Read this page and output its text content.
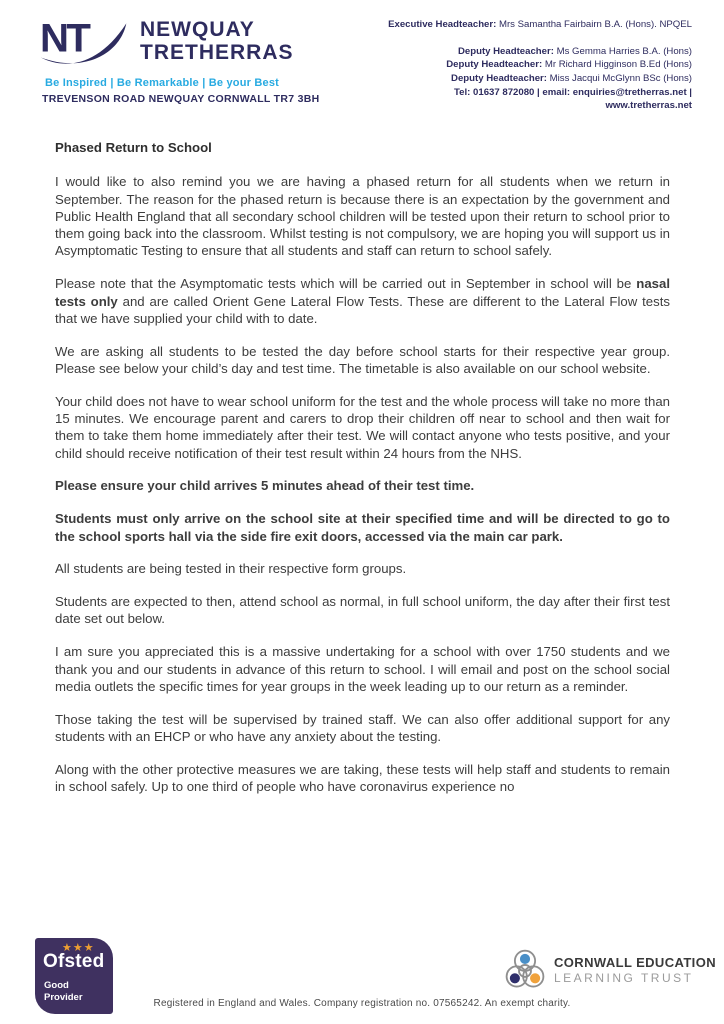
NT NEWQUAY
TRETHERRAS
Be Inspired | Be Remarkable | Be your Best
TREVENSON ROAD NEWQUAY CORNWALL TR7 3BH
Executive Headteacher: Mrs Samantha Fairbairn B.A. (Hons). NPQEL
Deputy Headteacher: Ms Gemma Harries B.A. (Hons)
Deputy Headteacher: Mr Richard Higginson B.Ed (Hons)
Deputy Headteacher: Miss Jacqui McGlynn BSc (Hons)
Tel: 01637 872080 | email: enquiries@tretherras.net | www.tretherras.net
Phased Return to School

I would like to also remind you we are having a phased return for all students when we return in September. The reason for the phased return is because there is an expectation by the government and Public Health England that all secondary school children will be tested upon their return to school prior to them going back into the classroom. Whilst testing is not compulsory, we are hoping you will support us in Asymptomatic Testing to ensure that all students and staff can return to school safely.

Please note that the Asymptomatic tests which will be carried out in September in school will be nasal tests only and are called Orient Gene Lateral Flow Tests. These are different to the Lateral Flow tests that we have supplied your child with to date.

We are asking all students to be tested the day before school starts for their respective year group. Please see below your child’s day and test time. The timetable is also available on our school website.

Your child does not have to wear school uniform for the test and the whole process will take no more than 15 minutes. We encourage parent and carers to drop their children off near to school and then wait for them to take them home immediately after their test. We will contact anyone who tests positive, and your child should receive notification of their test result within 24 hours from the NHS.

Please ensure your child arrives 5 minutes ahead of their test time.

Students must only arrive on the school site at their specified time and will be directed to go to the school sports hall via the side fire exit doors, accessed via the main car park.

All students are being tested in their respective form groups.

Students are expected to then, attend school as normal, in full school uniform, the day after their first test date set out below.

I am sure you appreciated this is a massive undertaking for a school with over 1750 students and we thank you and our students in advance of this return to school. I will email and post on the school social media outlets the specific times for year groups in the week leading up to our return as a reminder.

Those taking the test will be supervised by trained staff. We can also offer additional support for any students with an EHCP or who have any anxiety about the testing.

Along with the other protective measures we are taking, these tests will help staff and students to remain in school safely. Up to one third of people who have coronavirus experience no

★★★
Ofsted
Good
Provider
CORNWALL EDUCATION
LEARNING TRUST
Registered in England and Wales. Company registration no. 07565242. An exempt charity.
